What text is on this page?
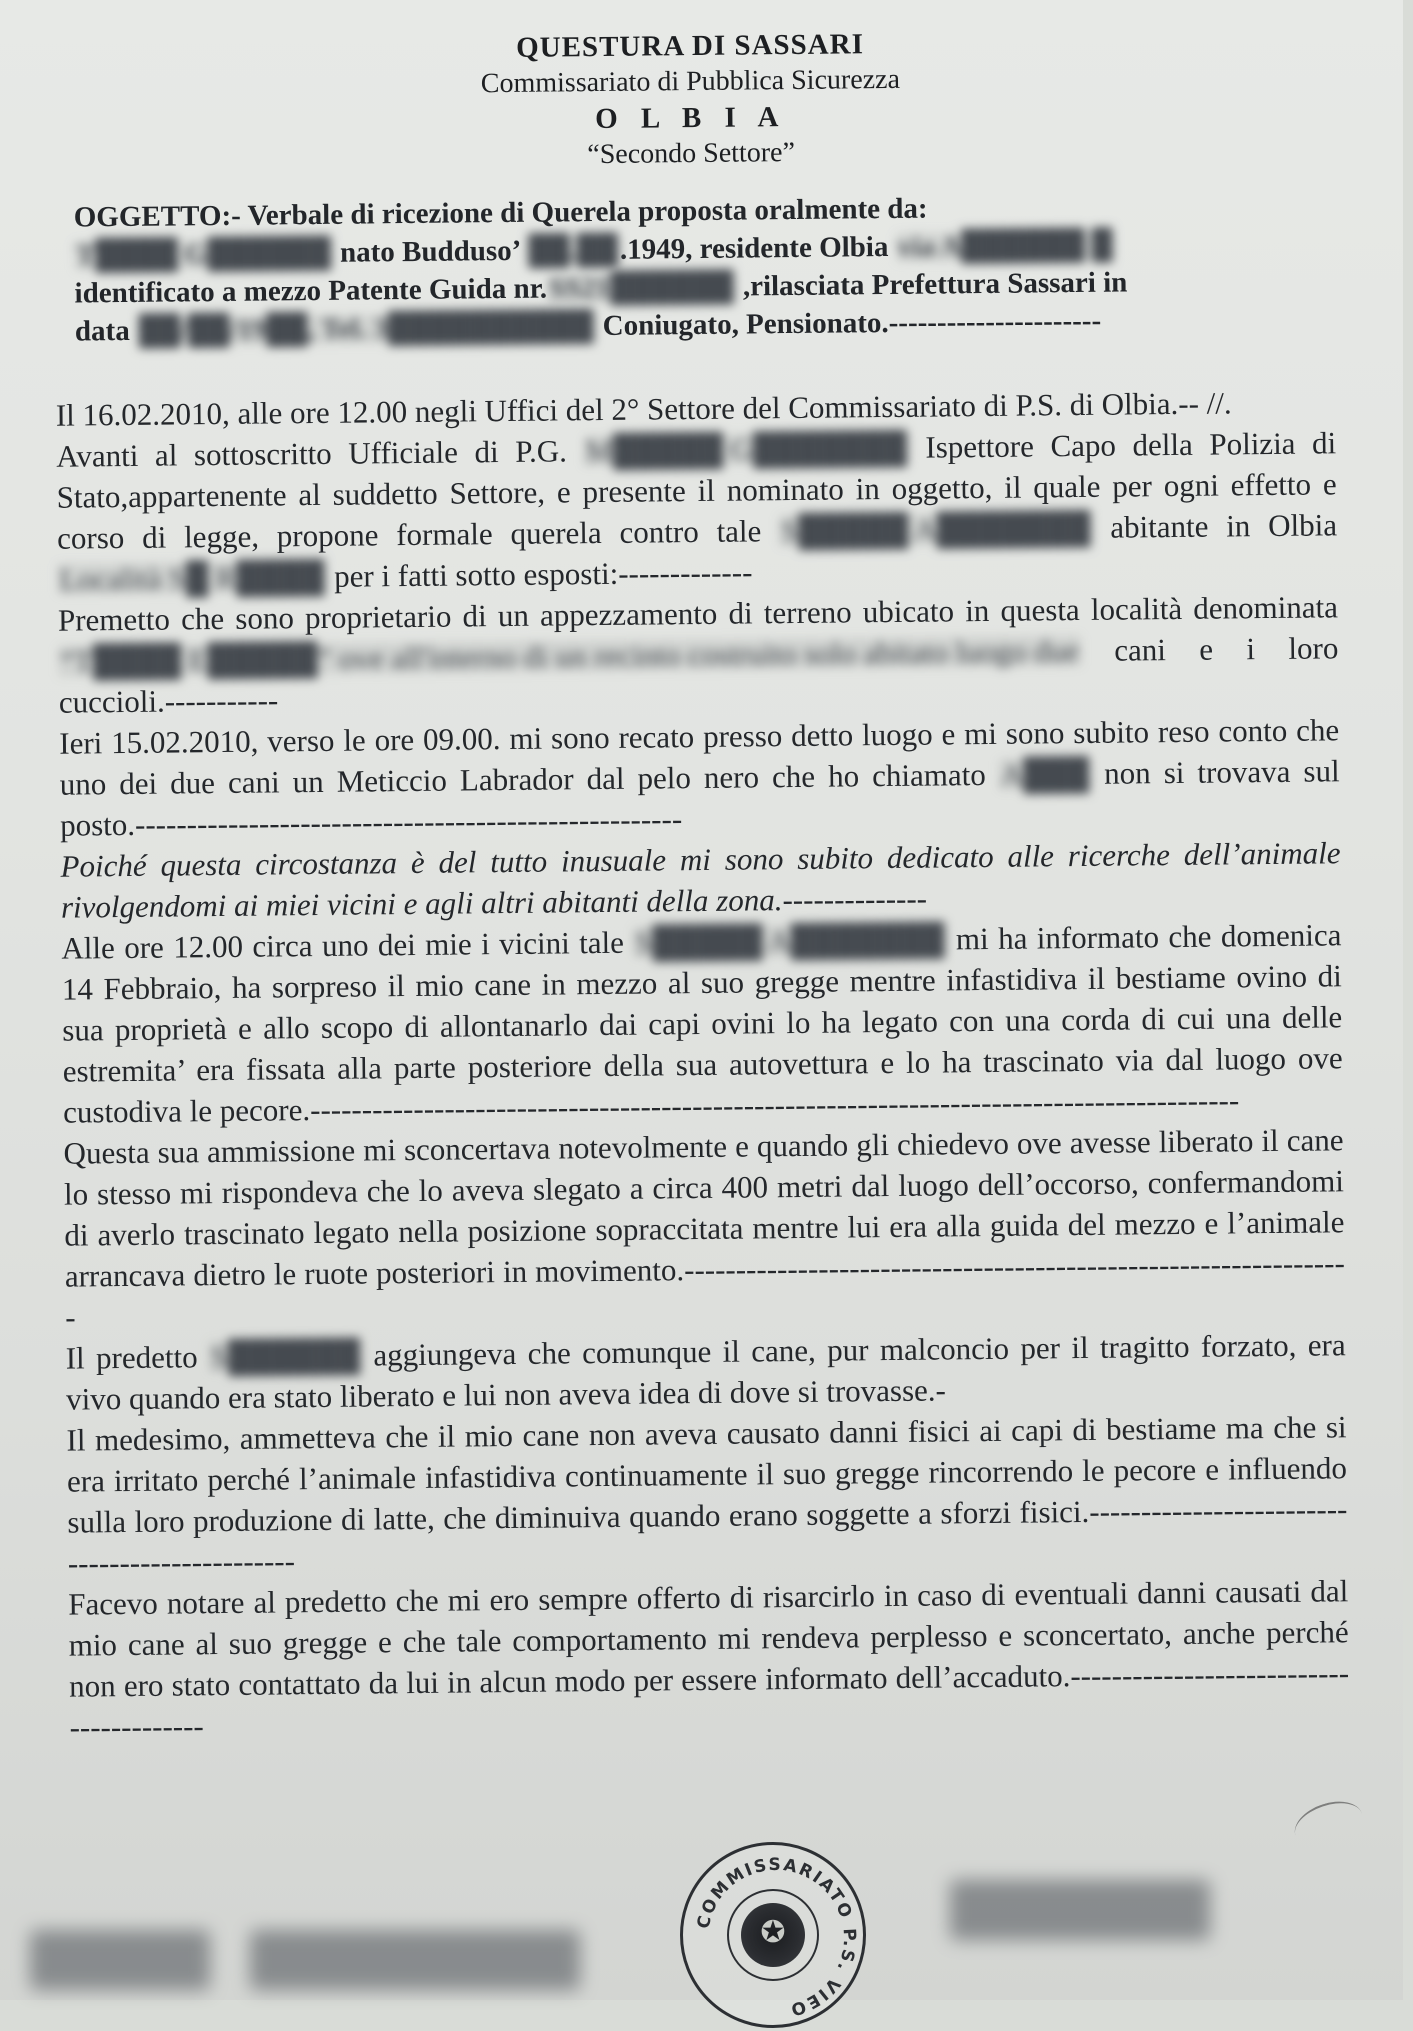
QUESTURA DI SASSARI
Commissariato di Pubblica Sicurezza
O L B I A
“Secondo Settore”
OGGETTO:- Verbale di ricezione di Querela proposta oralmente da:
T████ G██████ nato Budduso’ ██.██.1949, residente Olbia via A██████ █
identificato a mezzo Patente Guida nr.SS21██████ ,rilasciata Prefettura Sassari in
data ██/██/19██, Tel. 3██████████ Coniugato, Pensionato.----------------------

Il 16.02.2010, alle ore 12.00 negli Uffici del 2° Settore del Commissariato di P.S. di Olbia.-- //.

Avanti al sottoscritto Ufficiale di P.G. M█████ G███████ Ispettore Capo della Polizia di Stato,appartenente al suddetto Settore, e presente il nominato in oggetto, il quale per ogni effetto e corso di legge, propone formale querela contro tale S█████ A███████ abitante in Olbia Località S█ R████ per i fatti sotto esposti:-------------

Premetto che sono proprietario di un appezzamento di terreno ubicato in questa località denominata “T████ E█████” ove all'interno di un recinto costruito solo abitato luogo due cani e i loro cuccioli.-----------

Ieri 15.02.2010, verso le ore 09.00. mi sono recato presso detto luogo e mi sono subito reso conto che uno dei due cani un Meticcio Labrador dal pelo nero che ho chiamato A███ non si trovava sul posto.-----------------------------------------------------

Poiché questa circostanza è del tutto inusuale mi sono subito dedicato alle ricerche dell’animale rivolgendomi ai miei vicini e agli altri abitanti della zona.--------------

Alle ore 12.00 circa uno dei mie i vicini tale S█████ A███████ mi ha informato che domenica 14 Febbraio, ha sorpreso il mio cane in mezzo al suo gregge mentre infastidiva il bestiame ovino di sua proprietà e allo scopo di allontanarlo dai capi ovini lo ha legato con una corda di cui una delle estremita’ era fissata alla parte posteriore della sua autovettura e lo ha trascinato via dal luogo ove custodiva le pecore.------------------------------------------------------------------------------------------

Questa sua ammissione mi sconcertava notevolmente e quando gli chiedevo ove avesse liberato il cane lo stesso mi rispondeva che lo aveva slegato a circa 400 metri dal luogo dell’occorso, confermandomi di averlo trascinato legato nella posizione sopraccitata mentre lui era alla guida del mezzo e l’animale arrancava dietro le ruote posteriori in movimento.-----------------------------------------------------------------

Il predetto S██████ aggiungeva che comunque il cane, pur malconcio per il tragitto forzato, era vivo quando era stato liberato e lui non aveva idea di dove si trovasse.-

Il medesimo, ammetteva che il mio cane non aveva causato danni fisici ai capi di bestiame ma che si era irritato perché l’animale infastidiva continuamente il suo gregge rincorrendo le pecore e influendo sulla loro produzione di latte, che diminuiva quando erano soggette a sforzi fisici.-----------------------------------------------

Facevo notare al predetto che mi ero sempre offerto di risarcirlo in caso di eventuali danni causati dal mio cane al suo gregge e che tale comportamento mi rendeva perplesso e sconcertato, anche perché non ero stato contattato da lui in alcun modo per essere informato dell’accaduto.----------------------------------------

COMMISSARIATO P.S. VIEO
✪
